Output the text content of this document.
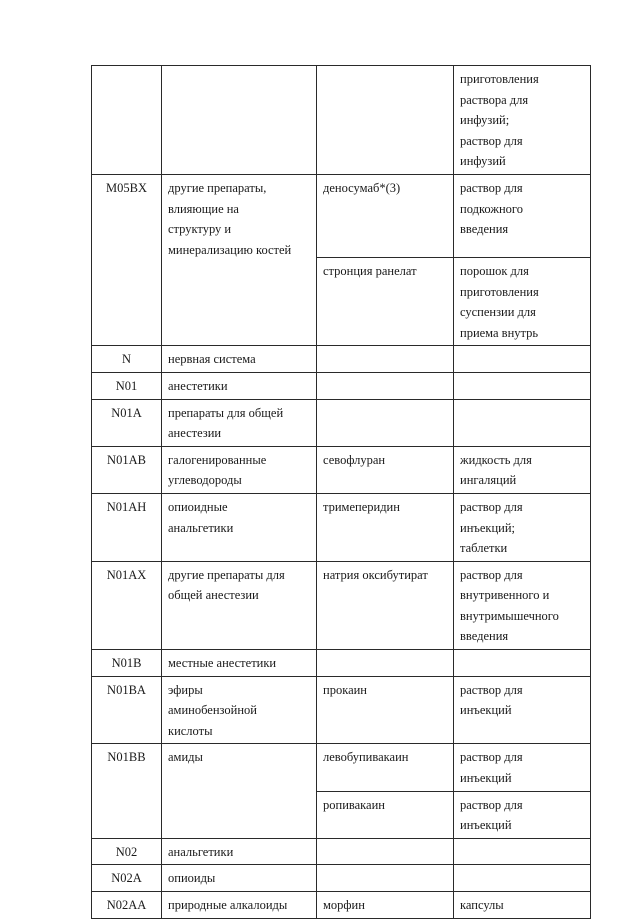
			приготовления
раствора для
инфузий;
раствор для
инфузий

M05BX	другие препараты,
влияющие на
структуру и
минерализацию костей	деносумаб*(3)	раствор для
подкожного
введения

		стронция ранелат	порошок для
приготовления
суспензии для
приема внутрь

N	нервная система		

N01	анестетики		

N01A	препараты для общей
анестезии		

N01AB	галогенированные
углеводороды	севофлуран	жидкость для
ингаляций

N01AH	опиоидные
анальгетики	тримеперидин	раствор для
инъекций;
таблетки

N01AX	другие препараты для
общей анестезии	натрия оксибутират	раствор для
внутривенного и
внутримышечного
введения

N01B	местные анестетики		

N01BA	эфиры
аминобензойной
кислоты	прокаин	раствор для
инъекций

N01BB	амиды	левобупивакаин	раствор для
инъекций

		ропивакаин	раствор для
инъекций

N02	анальгетики		

N02A	опиоиды		

N02AA	природные алкалоиды	морфин	капсулы
